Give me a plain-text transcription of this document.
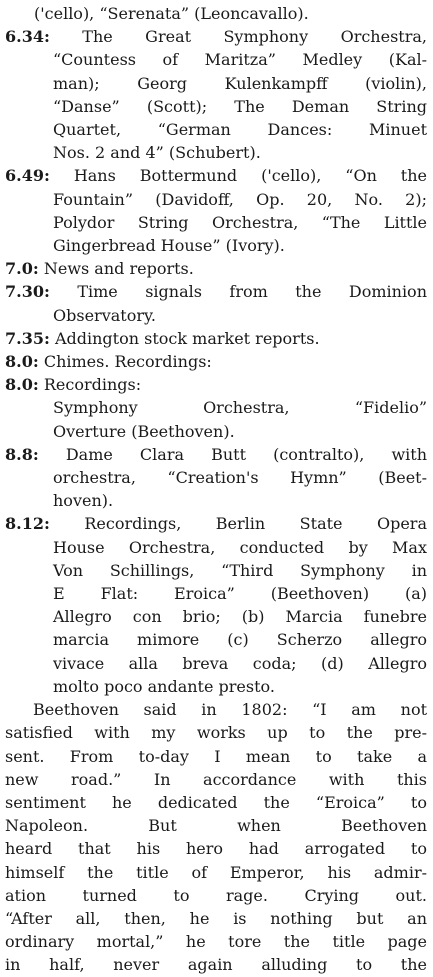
('cello), “Serenata” (Leoncavallo).
6.34: The Great Symphony Orchestra,
“Countess of Maritza” Medley (Kal-
man); Georg Kulenkampff (violin),
“Danse” (Scott); The Deman String
Quartet, “German Dances: Minuet
Nos. 2 and 4” (Schubert).
6.49: Hans Bottermund ('cello), “On the
Fountain” (Davidoff, Op. 20, No. 2);
Polydor String Orchestra, “The Little
Gingerbread House” (Ivory).
7.0: News and reports.
7.30: Time signals from the Dominion
Observatory.
7.35: Addington stock market reports.
8.0: Chimes. Recordings:
8.0: Recordings:
Symphony Orchestra, “Fidelio”
Overture (Beethoven).
8.8: Dame Clara Butt (contralto), with
orchestra, “Creation's Hymn” (Beet-
hoven).
8.12: Recordings, Berlin State Opera
House Orchestra, conducted by Max
Von Schillings, “Third Symphony in
E Flat: Eroica” (Beethoven) (a)
Allegro con brio; (b) Marcia funebre
marcia mimore (c) Scherzo allegro
vivace alla breva coda; (d) Allegro
molto poco andante presto.
Beethoven said in 1802: “I am not
satisfied with my works up to the pre-
sent. From to-day I mean to take a
new road.” In accordance with this
sentiment he dedicated the “Eroica” to
Napoleon. But when Beethoven
heard that his hero had arrogated to
himself the title of Emperor, his admir-
ation turned to rage. Crying out.
“After all, then, he is nothing but an
ordinary mortal,” he tore the title page
in half, never again alluding to the
